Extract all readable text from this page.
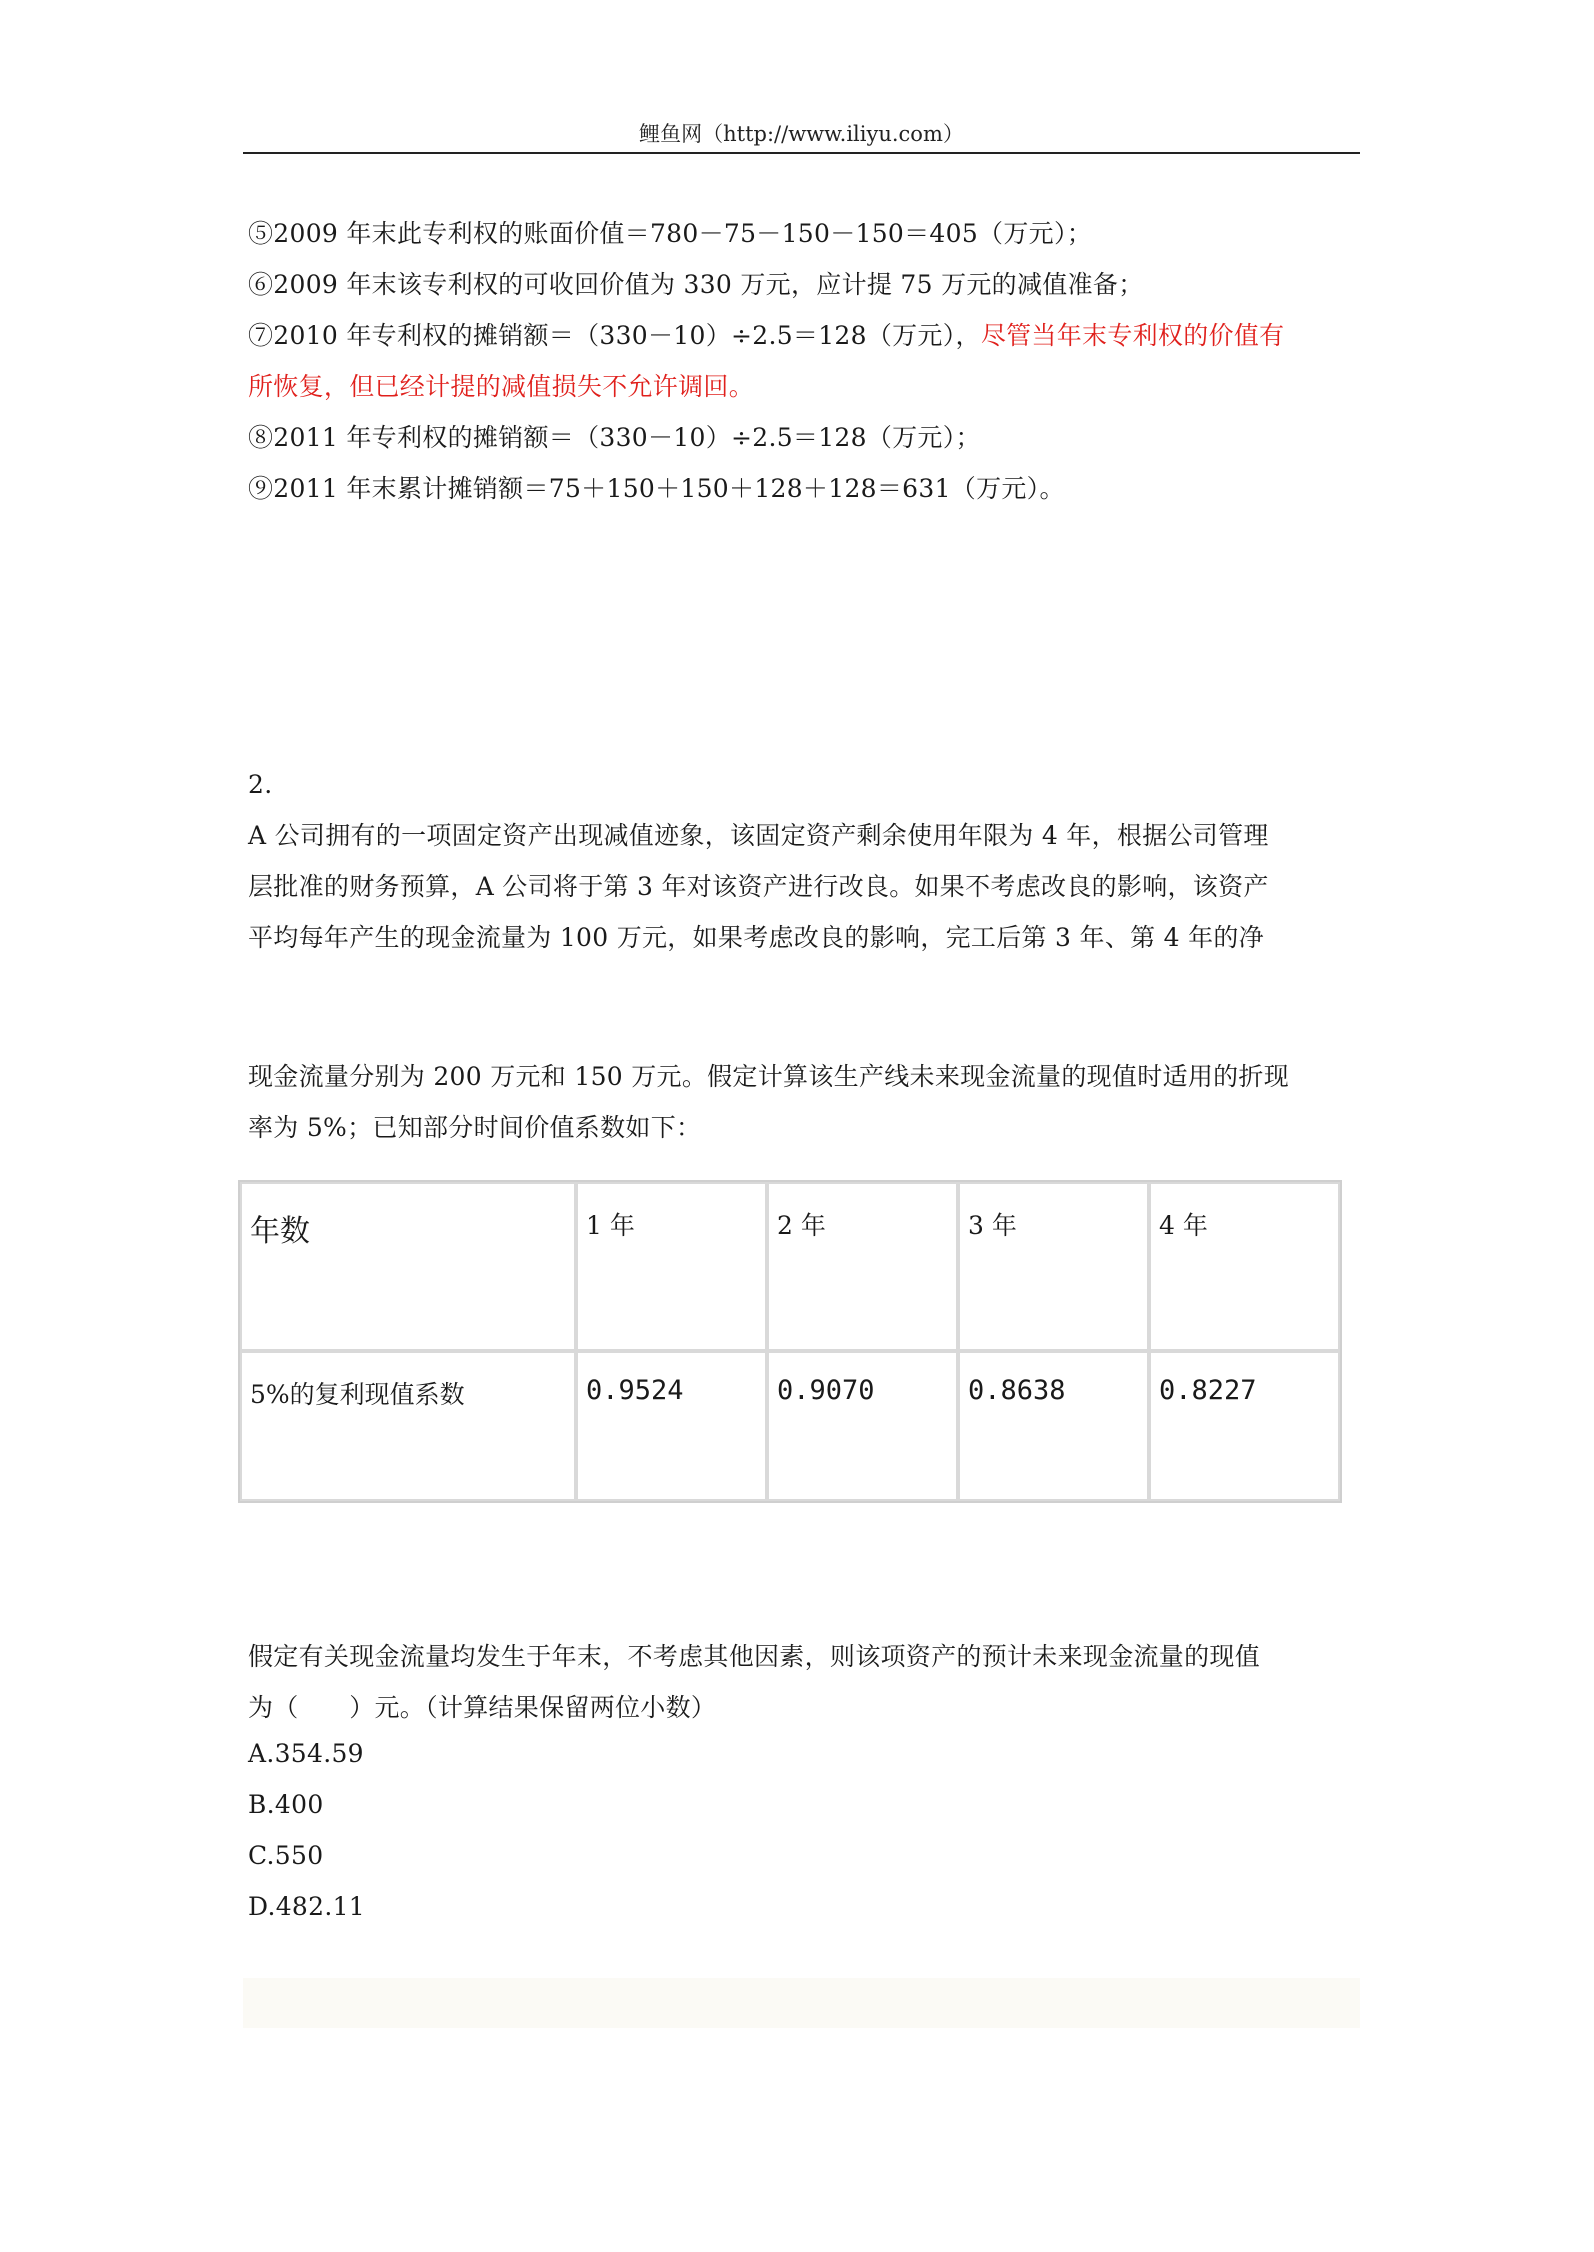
鲤鱼网（http://www.iliyu.com）
⑤2009 年末此专利权的账面价值＝780－75－150－150＝405（万元）；
⑥2009 年末该专利权的可收回价值为 330 万元，应计提 75 万元的减值准备；
⑦2010 年专利权的摊销额＝（330－10）÷2.5＝128（万元），尽管当年末专利权的价值有
所恢复，但已经计提的减值损失不允许调回。
⑧2011 年专利权的摊销额＝（330－10）÷2.5＝128（万元）；
⑨2011 年末累计摊销额＝75＋150＋150＋128＋128＝631（万元）。
2.
A 公司拥有的一项固定资产出现减值迹象，该固定资产剩余使用年限为 4 年，根据公司管理
层批准的财务预算，A 公司将于第 3 年对该资产进行改良。如果不考虑改良的影响，该资产
平均每年产生的现金流量为 100 万元，如果考虑改良的影响，完工后第 3 年、第 4 年的净
现金流量分别为 200 万元和 150 万元。假定计算该生产线未来现金流量的现值时适用的折现
率为 5%；已知部分时间价值系数如下：
年数	1 年	2 年	3 年	4 年
5%的复利现值系数	0.9524	0.9070	0.8638	0.8227
假定有关现金流量均发生于年末，不考虑其他因素，则该项资产的预计未来现金流量的现值
为（　　）元。（计算结果保留两位小数）
A.354.59
B.400
C.550
D.482.11
